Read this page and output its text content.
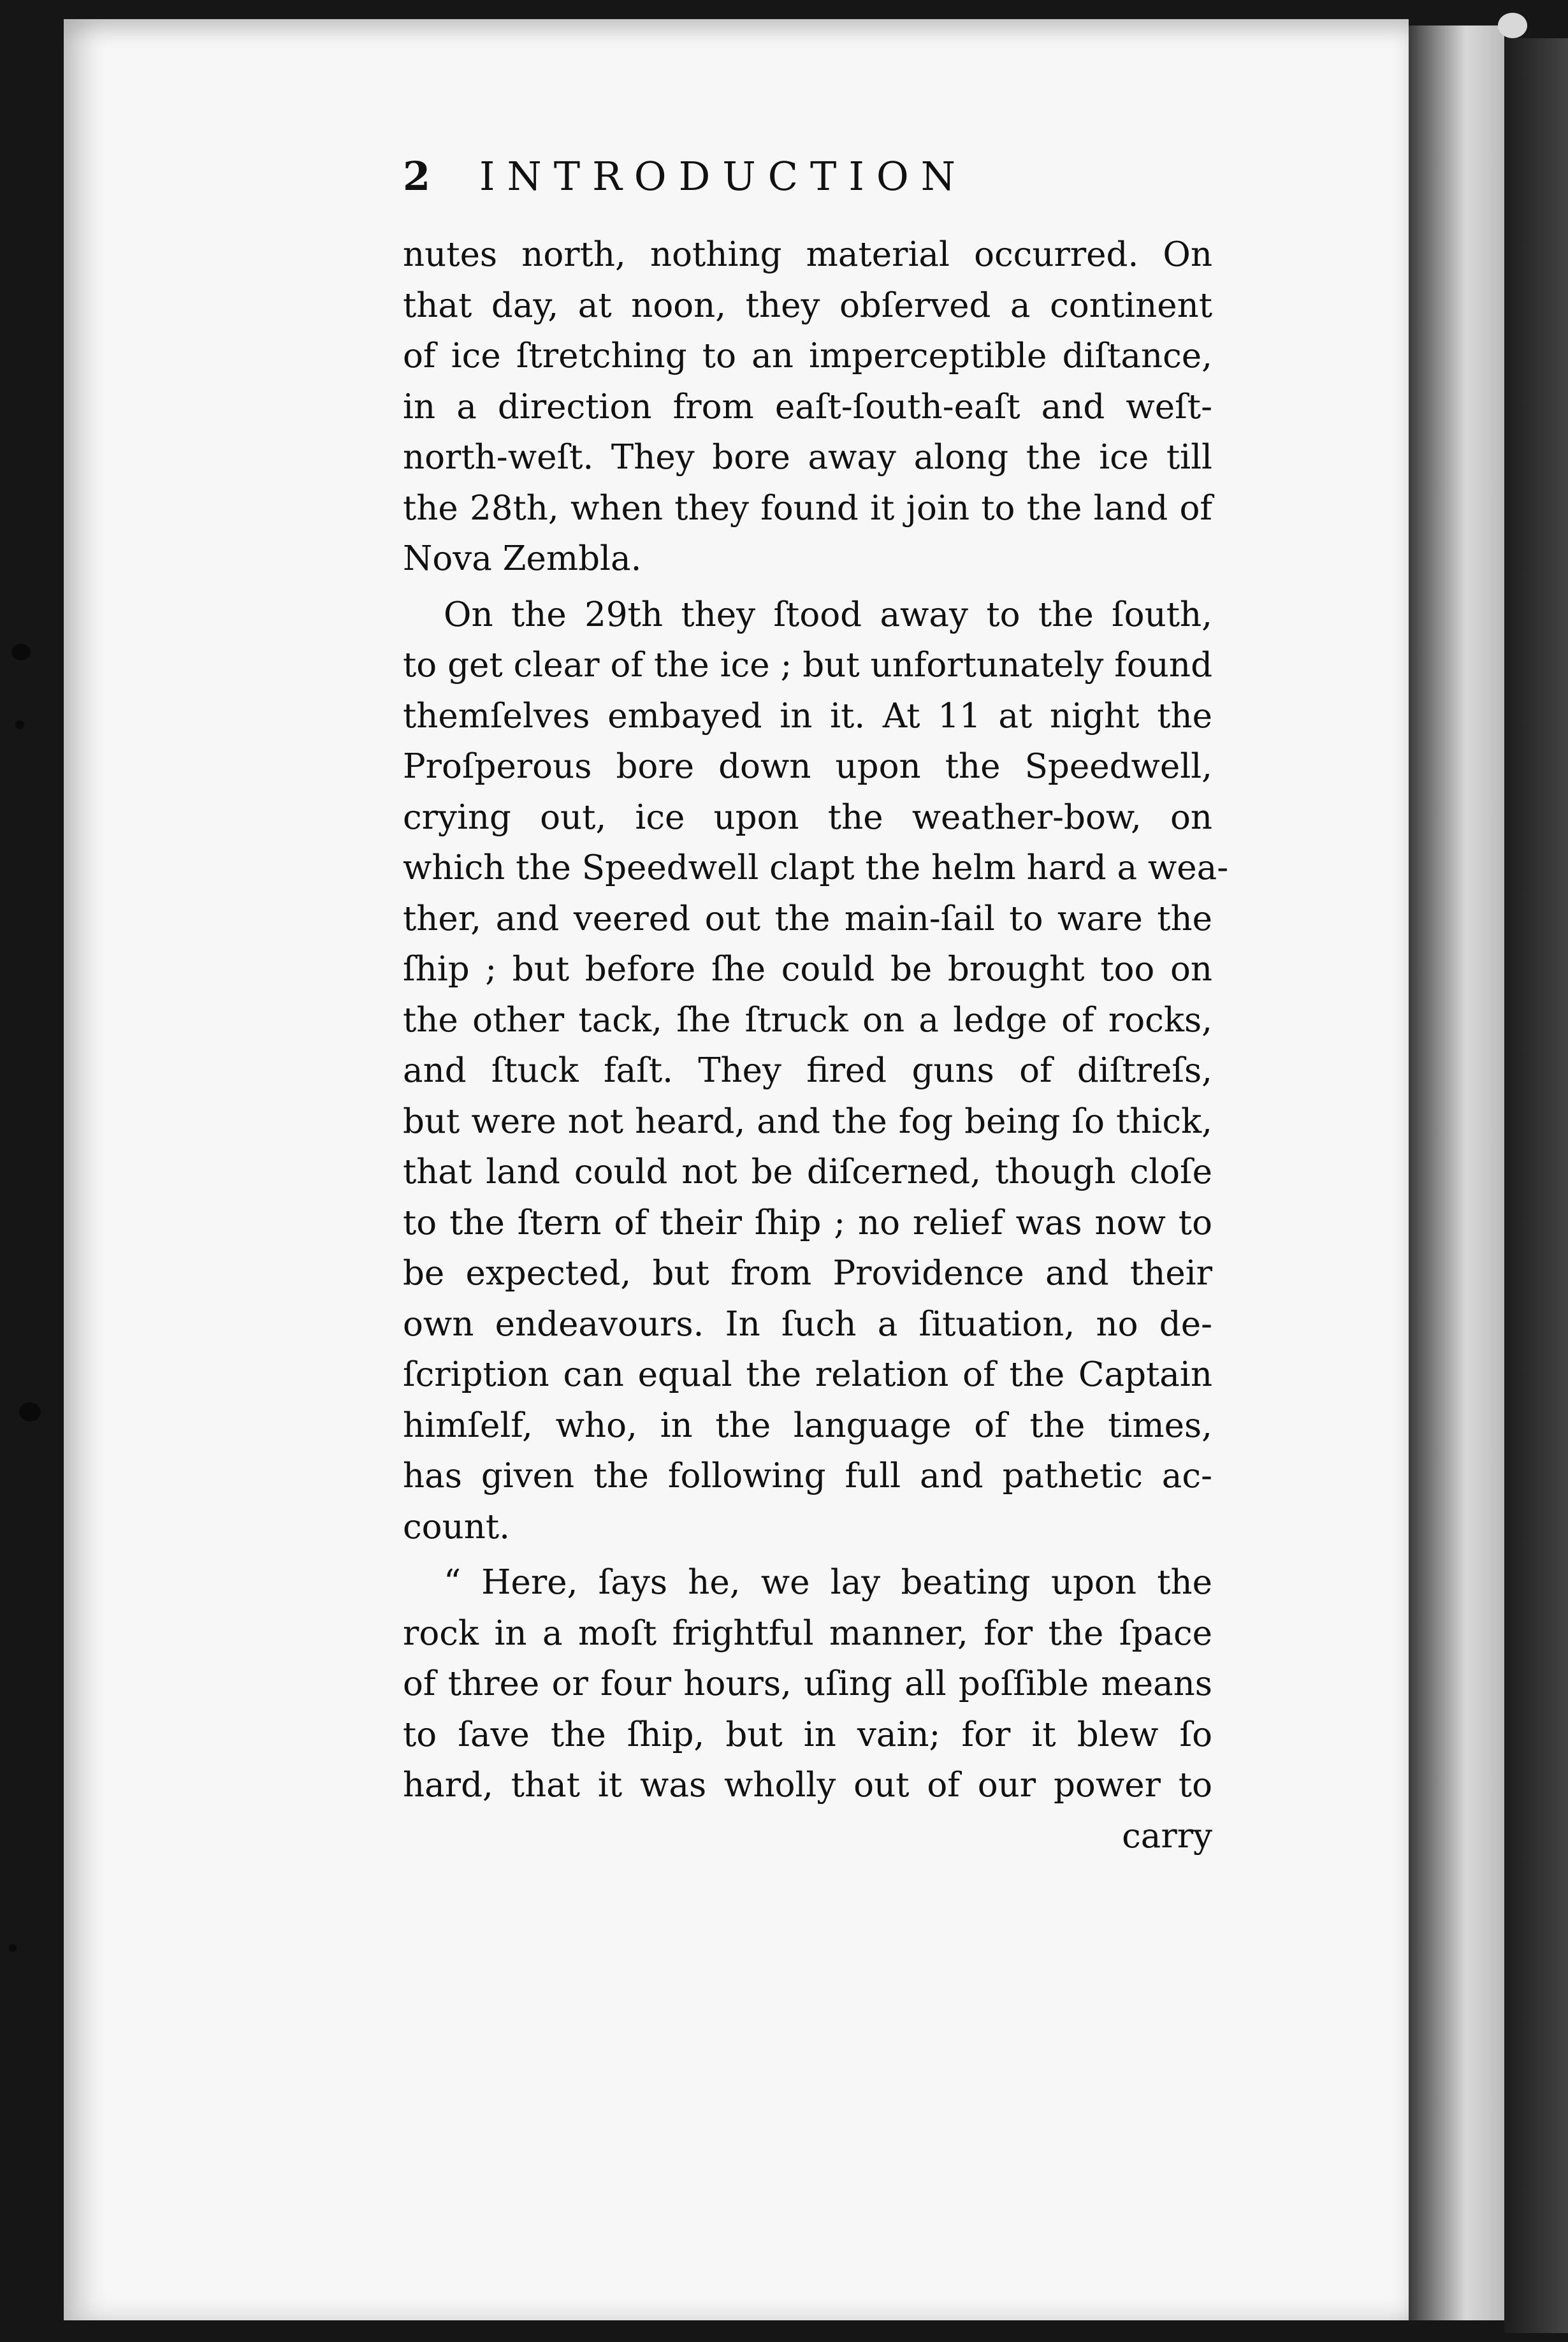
2	INTRODUCTION
nutes north, nothing material occurred. On
that day, at noon, they obſerved a continent
of ice ſtretching to an imperceptible diſtance,
in a direction from eaſt-ſouth-eaſt and weſt-
north-weſt. They bore away along the ice till
the 28th, when they found it join to the land of
Nova Zembla.
On the 29th they ſtood away to the ſouth,
to get clear of the ice ; but unfortunately found
themſelves embayed in it. At 11 at night the
Proſperous bore down upon the Speedwell,
crying out, ice upon the weather-bow, on
which the Speedwell clapt the helm hard a wea-
ther, and veered out the main-ſail to ware the
ſhip ; but before ſhe could be brought too on
the other tack, ſhe ſtruck on a ledge of rocks,
and ſtuck faſt. They fired guns of diſtreſs,
but were not heard, and the fog being ſo thick,
that land could not be diſcerned, though cloſe
to the ſtern of their ſhip ; no relief was now to
be expected, but from Providence and their
own endeavours. In ſuch a ſituation, no de-
ſcription can equal the relation of the Captain
himſelf, who, in the language of the times,
has given the following full and pathetic ac-
count.
“ Here, ſays he, we lay beating upon the
rock in a moſt frightful manner, for the ſpace
of three or four hours, uſing all poſſible means
to ſave the ſhip, but in vain; for it blew ſo
hard, that it was wholly out of our power to
carry
